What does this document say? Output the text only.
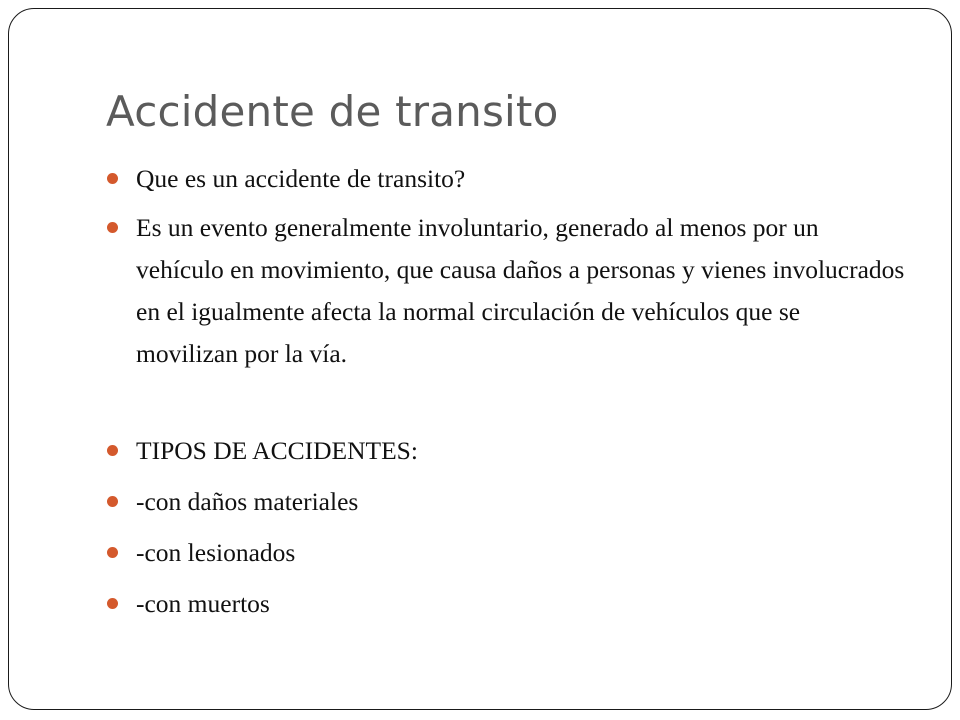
Accidente de transito
Que es un accidente de transito?
Es un evento generalmente involuntario, generado al menos por un vehículo en movimiento, que causa daños a personas y vienes involucrados en el igualmente afecta la normal circulación de vehículos que se movilizan por la vía.
TIPOS DE ACCIDENTES:
-con daños materiales
-con lesionados
-con muertos
